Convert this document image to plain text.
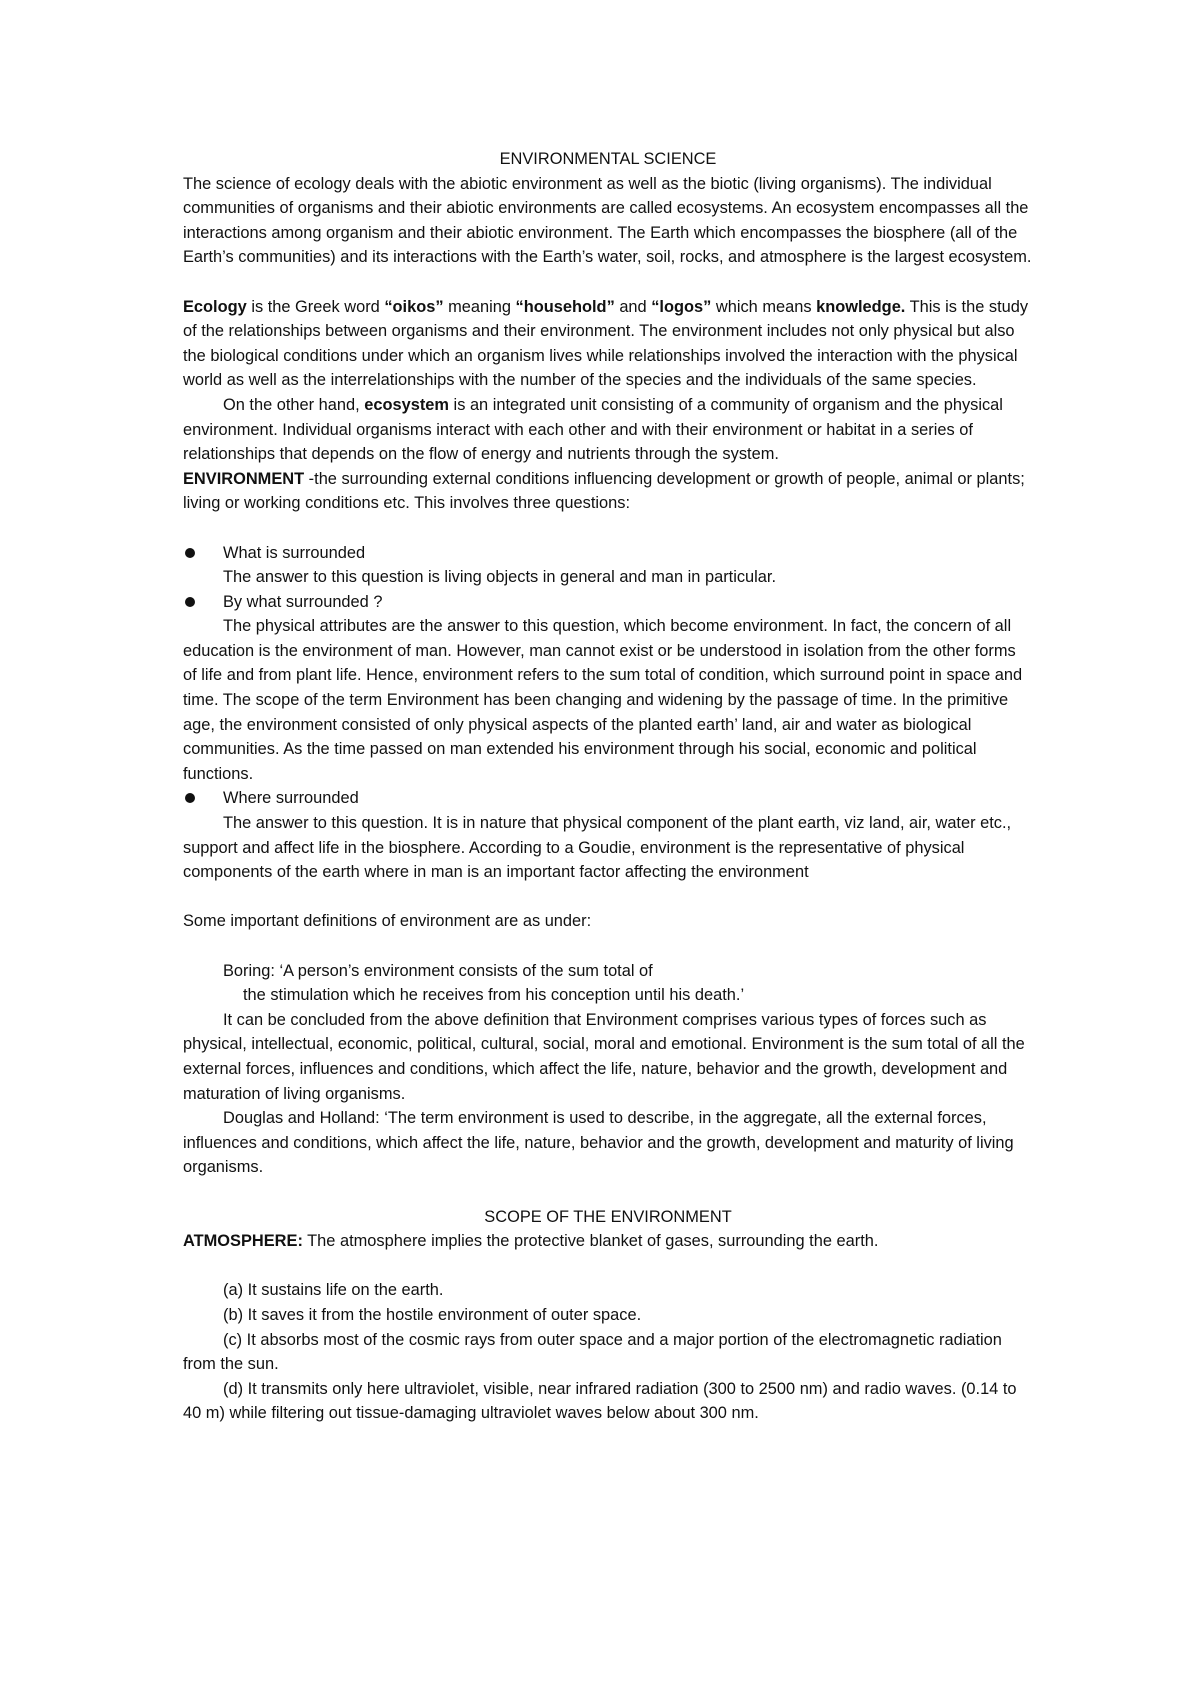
ENVIRONMENTAL SCIENCE

The science of ecology deals with the abiotic environment as well as the biotic (living organisms). The individual communities of organisms and their abiotic environments are called ecosystems. An ecosystem encompasses all the interactions among organism and their abiotic environment. The Earth which encompasses the biosphere (all of the Earth’s communities) and its interactions with the Earth’s water, soil, rocks, and atmosphere is the largest ecosystem.

Ecology is the Greek word “oikos” meaning “household” and “logos” which means knowledge. This is the study of the relationships between organisms and their environment. The environment includes not only physical but also the biological conditions under which an organism lives while relationships involved the interaction with the physical world as well as the interrelationships with the number of the species and the individuals of the same species.

On the other hand, ecosystem is an integrated unit consisting of a community of organism and the physical environment. Individual organisms interact with each other and with their environment or habitat in a series of relationships that depends on the flow of energy and nutrients through the system.

ENVIRONMENT -the surrounding external conditions influencing development or growth of people, animal or plants; living or working conditions etc. This involves three questions:

What is surrounded

The answer to this question is living objects in general and man in particular.

By what surrounded ?

The physical attributes are the answer to this question, which become environment. In fact, the concern of all education is the environment of man. However, man cannot exist or be understood in isolation from the other forms of life and from plant life. Hence, environment refers to the sum total of condition, which surround point in space and time. The scope of the term Environment has been changing and widening by the passage of time. In the primitive age, the environment consisted of only physical aspects of the planted earth’ land, air and water as biological communities. As the time passed on man extended his environment through his social, economic and political functions.

Where surrounded

The answer to this question. It is in nature that physical component of the plant earth, viz land, air, water etc., support and affect life in the biosphere. According to a Goudie, environment is the representative of physical components of the earth where in man is an important factor affecting the environment

Some important definitions of environment are as under:

Boring: ‘A person’s environment consists of the sum total of

the stimulation which he receives from his conception until his death.’

It can be concluded from the above definition that Environment comprises various types of forces such as physical, intellectual, economic, political, cultural, social, moral and emotional. Environment is the sum total of all the external forces, influences and conditions, which affect the life, nature, behavior and the growth, development and maturation of living organisms.

Douglas and Holland: ‘The term environment is used to describe, in the aggregate, all the external forces, influences and conditions, which affect the life, nature, behavior and the growth, development and maturity of living organisms.

SCOPE OF THE ENVIRONMENT

ATMOSPHERE: The atmosphere implies the protective blanket of gases, surrounding the earth.

(a) It sustains life on the earth.

(b) It saves it from the hostile environment of outer space.

(c) It absorbs most of the cosmic rays from outer space and a major portion of the electromagnetic radiation from the sun.

(d) It transmits only here ultraviolet, visible, near infrared radiation (300 to 2500 nm) and radio waves. (0.14 to 40 m) while filtering out tissue-damaging ultraviolet waves below about 300 nm.
